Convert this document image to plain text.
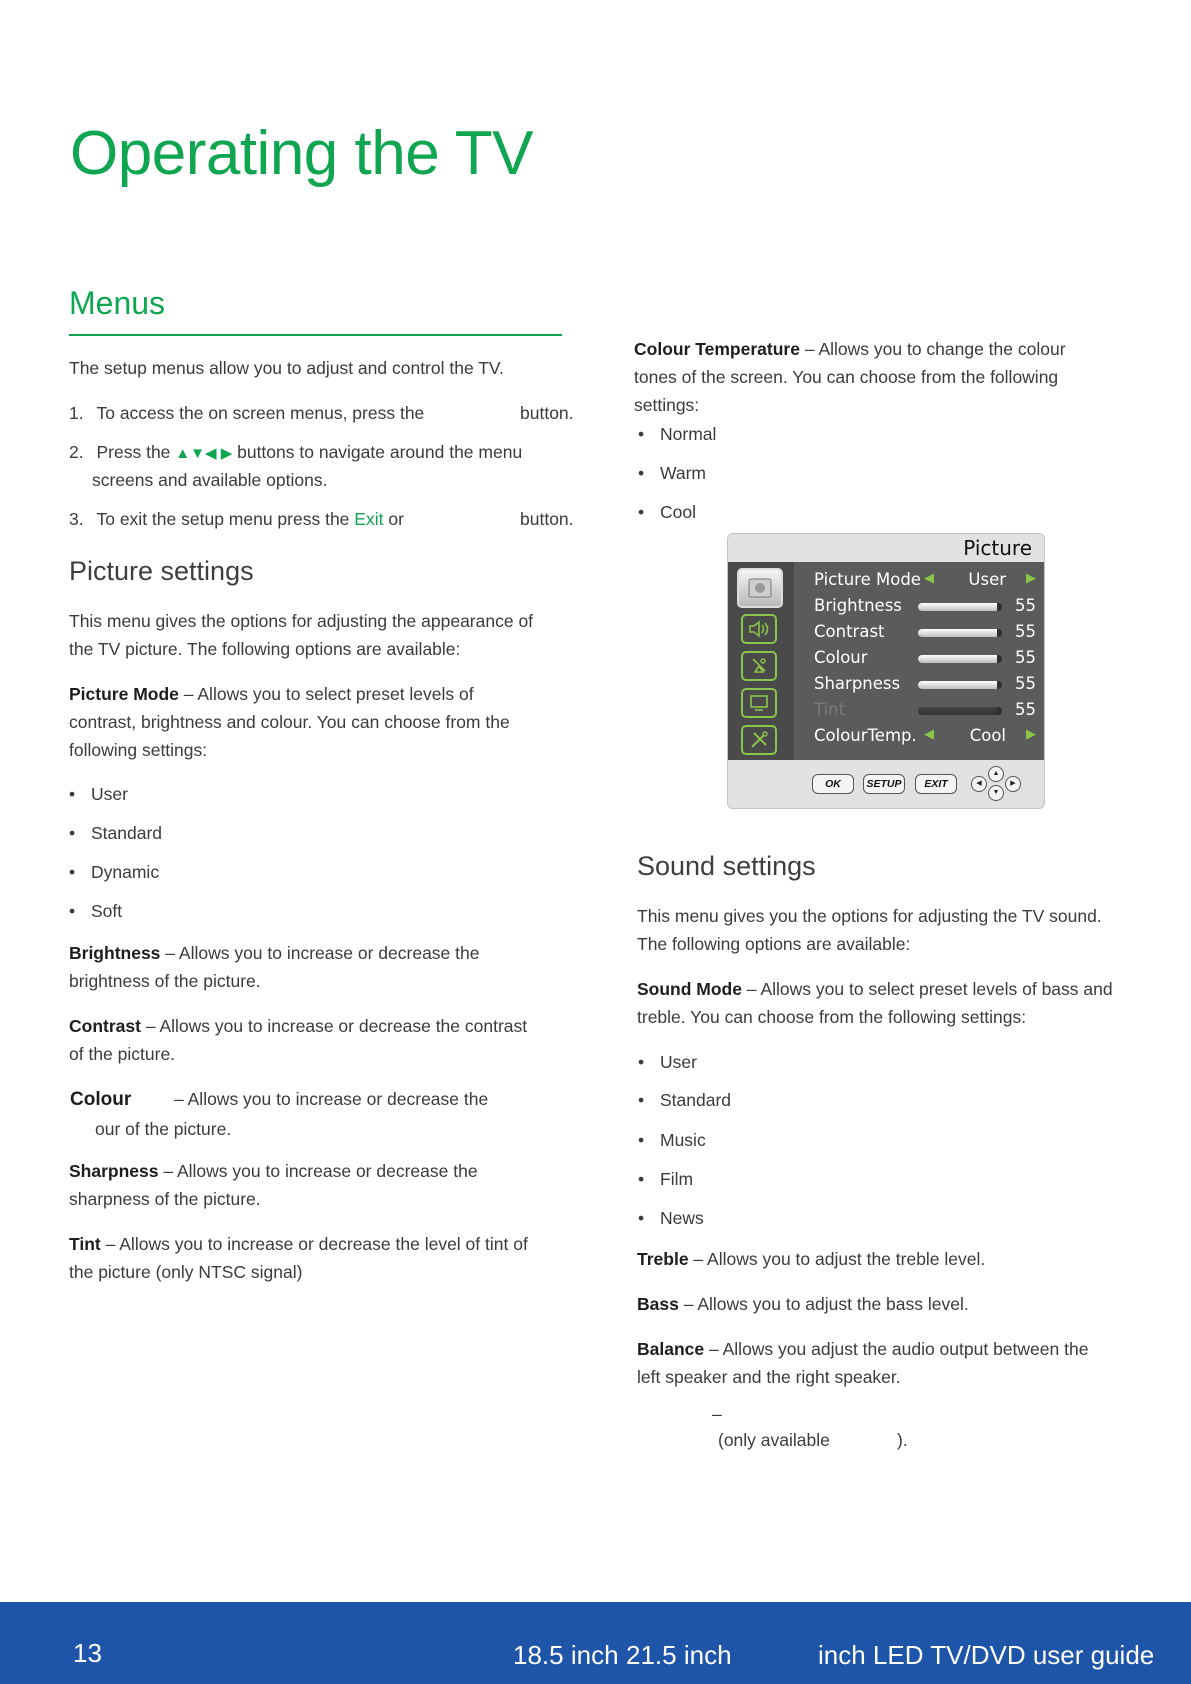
Operating the TV
Menus
The setup menus allow you to adjust and control the TV.
1. To access the on screen menus, press the	button.
2. Press the ▲▼◀ ▶ buttons to navigate around the menu
screens and available options.
3. To exit the setup menu press the Exit or	button.
Picture settings
This menu gives the options for adjusting the appearance of
the TV picture. The following options are available:
Picture Mode – Allows you to select preset levels of
contrast, brightness and colour. You can choose from the
following settings:
• User
• Standard
• Dynamic
• Soft
Brightness – Allows you to increase or decrease the
brightness of the picture.
Contrast – Allows you to increase or decrease the contrast
of the picture.
Colour – Allows you to increase or decrease the
our of the picture.
Sharpness – Allows you to increase or decrease the
sharpness of the picture.
Tint – Allows you to increase or decrease the level of tint of
the picture (only NTSC signal)
Colour Temperature – Allows you to change the colour
tones of the screen. You can choose from the following
settings:
• Normal
• Warm
• Cool
Picture
Picture Mode ◀ User ▶
Brightness	55
Contrast	55
Colour	55
Sharpness	55
Tint	55
ColourTemp. ◀ Cool ▶
OK	SETUP	EXIT	◀
▲
▼
▶
Sound settings
This menu gives you the options for adjusting the TV sound.
The following options are available:
Sound Mode – Allows you to select preset levels of bass and
treble. You can choose from the following settings:
• User
• Standard
• Music
• Film
• News
Treble – Allows you to adjust the treble level.
Bass – Allows you to adjust the bass level.
Balance – Allows you adjust the audio output between the
left speaker and the right speaker.
–
(only available	).
13	18.5 inch 21.5 inch	inch LED TV/DVD user guide
